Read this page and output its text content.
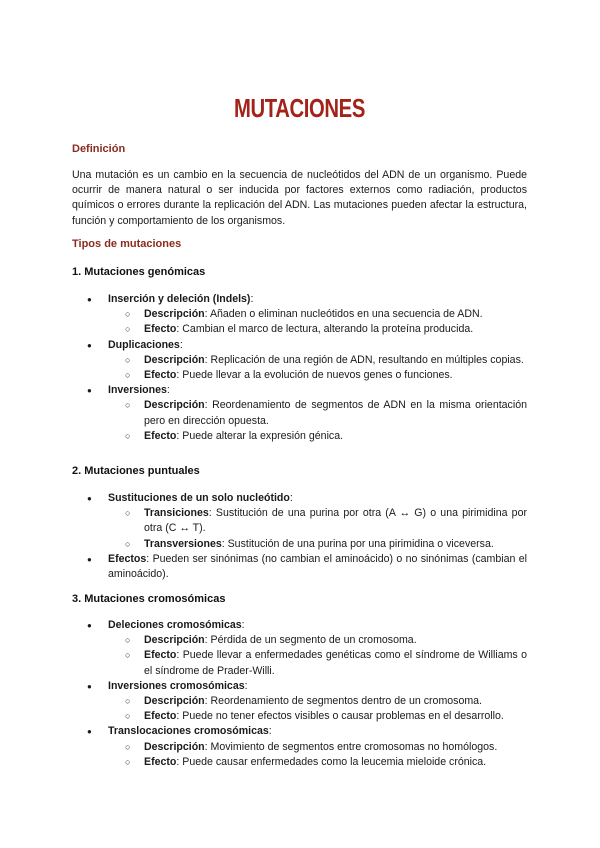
MUTACIONES
Definición

Una mutación es un cambio en la secuencia de nucleótidos del ADN de un organismo. Puede ocurrir de manera natural o ser inducida por factores externos como radiación, productos químicos o errores durante la replicación del ADN. Las mutaciones pueden afectar la estructura, función y comportamiento de los organismos.

Tipos de mutaciones
1. Mutaciones genómicas
● Inserción y deleción (Indels):
○ Descripción: Añaden o eliminan nucleótidos en una secuencia de ADN.
○ Efecto: Cambian el marco de lectura, alterando la proteína producida.
● Duplicaciones:
○ Descripción: Replicación de una región de ADN, resultando en múltiples copias.
○ Efecto: Puede llevar a la evolución de nuevos genes o funciones.
● Inversiones:
○ Descripción: Reordenamiento de segmentos de ADN en la misma orientación pero en dirección opuesta.
○ Efecto: Puede alterar la expresión génica.
2. Mutaciones puntuales
● Sustituciones de un solo nucleótido:
○ Transiciones: Sustitución de una purina por otra (A ↔ G) o una pirimidina por otra (C ↔ T).
○ Transversiones: Sustitución de una purina por una pirimidina o viceversa.
● Efectos: Pueden ser sinónimas (no cambian el aminoácido) o no sinónimas (cambian el aminoácido).
3. Mutaciones cromosómicas
● Deleciones cromosómicas:
○ Descripción: Pérdida de un segmento de un cromosoma.
○ Efecto: Puede llevar a enfermedades genéticas como el síndrome de Williams o el síndrome de Prader-Willi.
● Inversiones cromosómicas:
○ Descripción: Reordenamiento de segmentos dentro de un cromosoma.
○ Efecto: Puede no tener efectos visibles o causar problemas en el desarrollo.
● Translocaciones cromosómicas:
○ Descripción: Movimiento de segmentos entre cromosomas no homólogos.
○ Efecto: Puede causar enfermedades como la leucemia mieloide crónica.
